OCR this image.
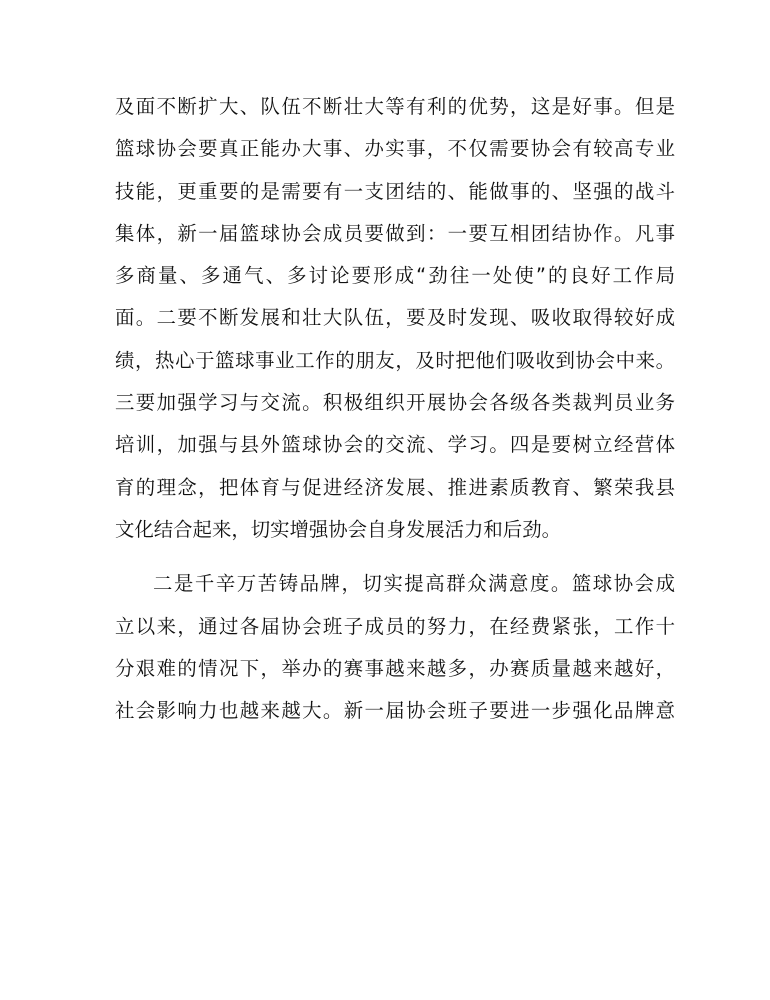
及面不断扩大、队伍不断壮大等有利的优势，这是好事。但是
篮球协会要真正能办大事、办实事，不仅需要协会有较高专业
技能，更重要的是需要有一支团结的、能做事的、坚强的战斗
集体，新一届篮球协会成员要做到：一要互相团结协作。凡事
多商量、多通气、多讨论要形成“劲往一处使”的良好工作局
面。二要不断发展和壮大队伍，要及时发现、吸收取得较好成
绩，热心于篮球事业工作的朋友，及时把他们吸收到协会中来。
三要加强学习与交流。积极组织开展协会各级各类裁判员业务
培训，加强与县外篮球协会的交流、学习。四是要树立经营体
育的理念，把体育与促进经济发展、推进素质教育、繁荣我县
文化结合起来，切实增强协会自身发展活力和后劲。
二是千辛万苦铸品牌，切实提高群众满意度。篮球协会成
立以来，通过各届协会班子成员的努力，在经费紧张，工作十
分艰难的情况下，举办的赛事越来越多，办赛质量越来越好，
社会影响力也越来越大。新一届协会班子要进一步强化品牌意
